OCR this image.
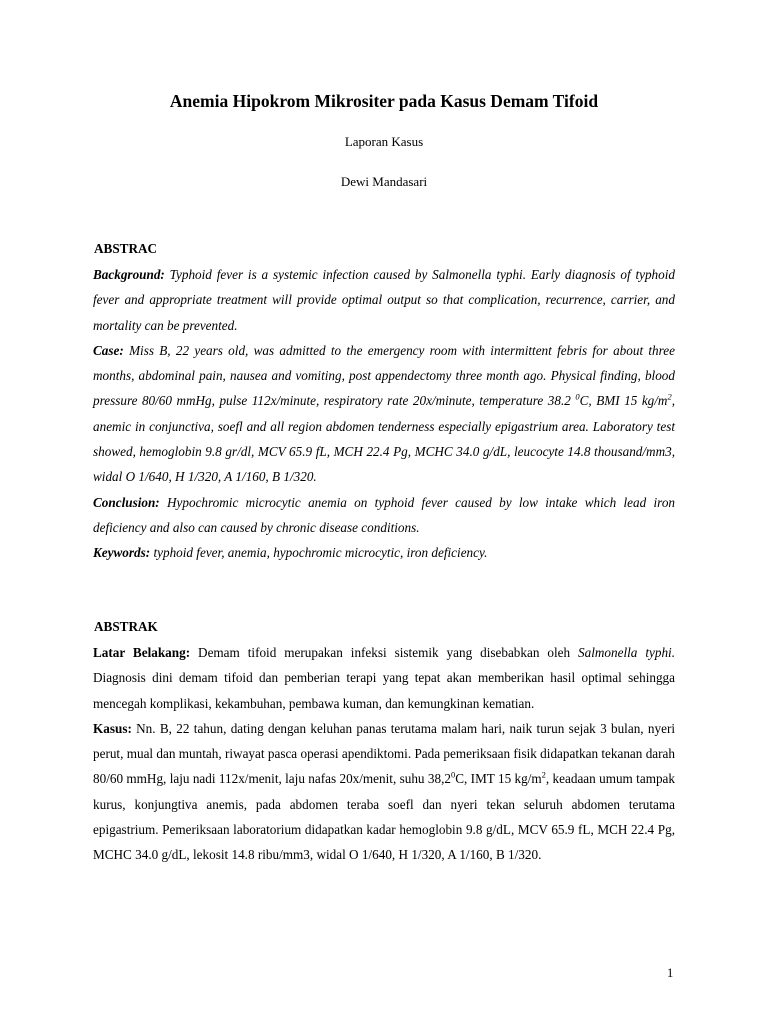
Anemia Hipokrom Mikrositer pada Kasus Demam Tifoid
Laporan Kasus
Dewi Mandasari
ABSTRAC

Background: Typhoid fever is a systemic infection caused by Salmonella typhi. Early diagnosis of typhoid fever and appropriate treatment will provide optimal output so that complication, recurrence, carrier, and mortality can be prevented.

Case: Miss B, 22 years old, was admitted to the emergency room with intermittent febris for about three months, abdominal pain, nausea and vomiting, post appendectomy three month ago. Physical finding, blood pressure 80/60 mmHg, pulse 112x/minute, respiratory rate 20x/minute, temperature 38.2 $^0$C, BMI 15 $kg/m^2$, anemic in conjunctiva, soefl and all region abdomen tenderness especially epigastrium area. Laboratory test showed, hemoglobin 9.8 gr/dl, MCV 65.9 fL, MCH 22.4 Pg, MCHC 34.0 g/dL, leucocyte 14.8 thousand/mm3, widal O 1/640, H 1/320, A 1/160, B 1/320.

Conclusion: Hypochromic microcytic anemia on typhoid fever caused by low intake which lead iron deficiency and also can caused by chronic disease conditions.

Keywords: typhoid fever, anemia, hypochromic microcytic, iron deficiency.

ABSTRAK

Latar Belakang: Demam tifoid merupakan infeksi sistemik yang disebabkan oleh Salmonella typhi. Diagnosis dini demam tifoid dan pemberian terapi yang tepat akan memberikan hasil optimal sehingga mencegah komplikasi, kekambuhan, pembawa kuman, dan kemungkinan kematian.

Kasus: Nn. B, 22 tahun, dating dengan keluhan panas terutama malam hari, naik turun sejak 3 bulan, nyeri perut, mual dan muntah, riwayat pasca operasi apendiktomi. Pada pemeriksaan fisik didapatkan tekanan darah 80/60 mmHg, laju nadi 112x/menit, laju nafas 20x/menit, suhu 38,2$^0$C, IMT 15 $kg/m^2$, keadaan umum tampak kurus, konjungtiva anemis, pada abdomen teraba soefl dan nyeri tekan seluruh abdomen terutama epigastrium. Pemeriksaan laboratorium didapatkan kadar hemoglobin 9.8 g/dL, MCV 65.9 fL, MCH 22.4 Pg, MCHC 34.0 g/dL, lekosit 14.8 ribu/mm3, widal O 1/640, H 1/320, A 1/160, B 1/320.

1
